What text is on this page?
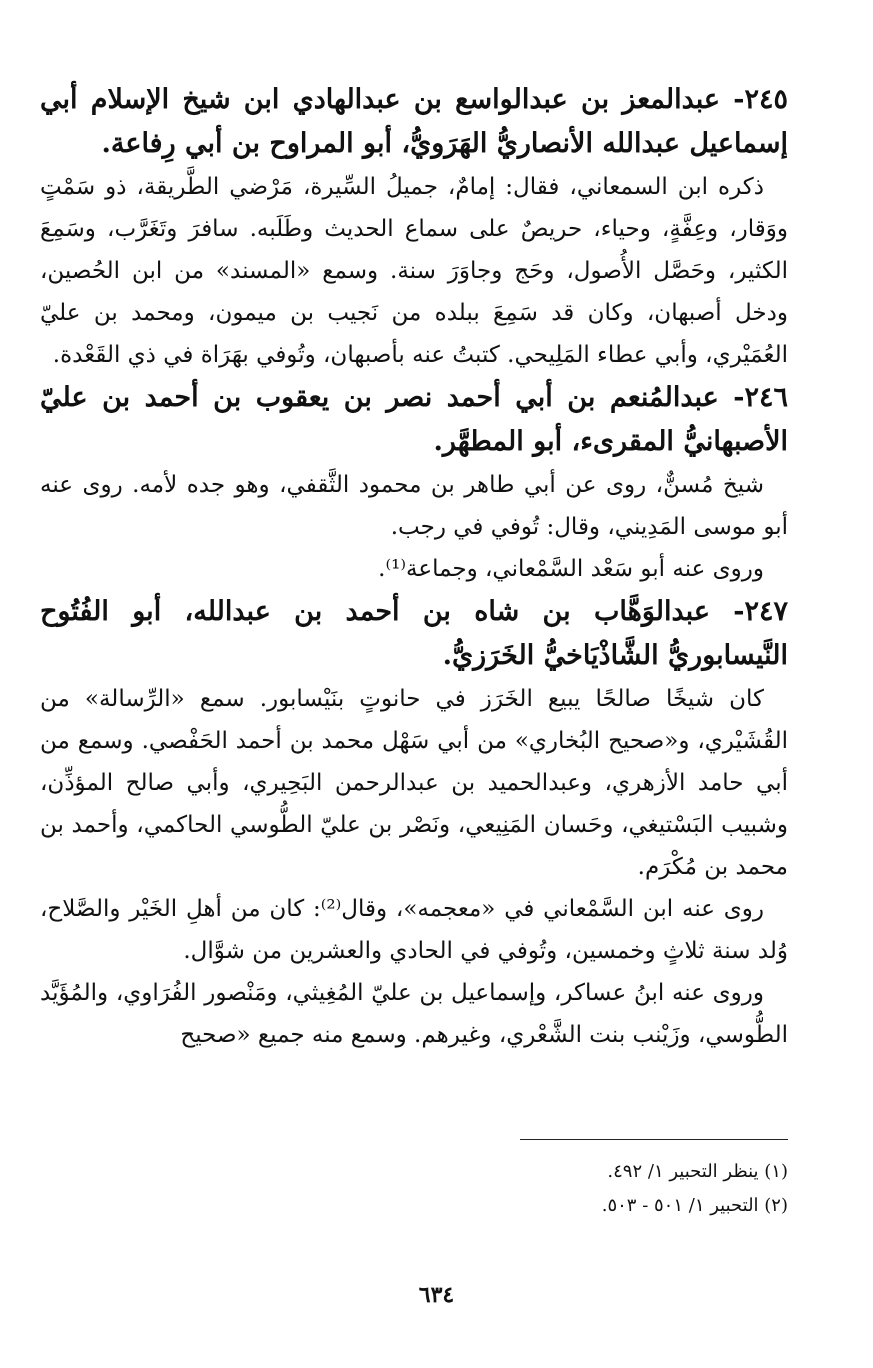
٢٤٥- عبدالمعز بن عبدالواسع بن عبدالهادي ابن شيخ الإسلام أبي إسماعيل عبدالله الأنصاريُّ الهَرَويُّ، أبو المراوح بن أبي رِفاعة.

ذكره ابن السمعاني، فقال: إمامٌ، جميلُ السِّيرة، مَرْضي الطَّريقة، ذو سَمْتٍ ووَقار، وعِفَّةٍ، وحياء، حريصٌ على سماع الحديث وطَلَبه. سافرَ وتَغَرَّب، وسَمِعَ الكثير، وحَصَّل الأُصول، وحَج وجاوَرَ سنة. وسمع «المسند» من ابن الحُصين، ودخل أصبهان، وكان قد سَمِعَ ببلده من نَجيب بن ميمون، ومحمد بن عليّ العُمَيْري، وأبي عطاء المَلِيحي. كتبتُ عنه بأصبهان، وتُوفي بهَرَاة في ذي القَعْدة.

٢٤٦- عبدالمُنعم بن أبي أحمد نصر بن يعقوب بن أحمد بن عليّ الأصبهانيُّ المقرىء، أبو المطهَّر.

شيخ مُسنٌّ، روى عن أبي طاهر بن محمود الثَّقفي، وهو جده لأمه. روى عنه أبو موسى المَدِيني، وقال: تُوفي في رجب.

وروى عنه أبو سَعْد السَّمْعاني، وجماعة⁽¹⁾.

٢٤٧- عبدالوَهَّاب بن شاه بن أحمد بن عبدالله، أبو الفُتُوح النَّيسابوريُّ الشَّاذْيَاخيُّ الخَرَزيُّ.

كان شيخًا صالحًا يبيع الخَرَز في حانوتٍ بنَيْسابور. سمع «الرِّسالة» من القُشَيْري، و«صحيح البُخاري» من أبي سَهْل محمد بن أحمد الحَفْصي. وسمع من أبي حامد الأزهري، وعبدالحميد بن عبدالرحمن البَحِيري، وأبي صالح المؤذِّن، وشبيب البَسْتيغي، وحَسان المَنِيعي، ونَصْر بن عليّ الطُّوسي الحاكمي، وأحمد بن محمد بن مُكْرَم.

روى عنه ابن السَّمْعاني في «معجمه»، وقال⁽²⁾: كان من أهلِ الخَيْر والصَّلاح، وُلد سنة ثلاثٍ وخمسين، وتُوفي في الحادي والعشرين من شوَّال.

وروى عنه ابنُ عساكر، وإسماعيل بن عليّ المُغِيثي، ومَنْصور الفُرَاوي، والمُؤَيَّد الطُّوسي، وزَيْنب بنت الشَّعْري، وغيرهم. وسمع منه جميع «صحيح

(١) ينظر التحبير ١/ ٤٩٢.
(٢) التحبير ١/ ٥٠١ - ٥٠٣.
٦٣٤
